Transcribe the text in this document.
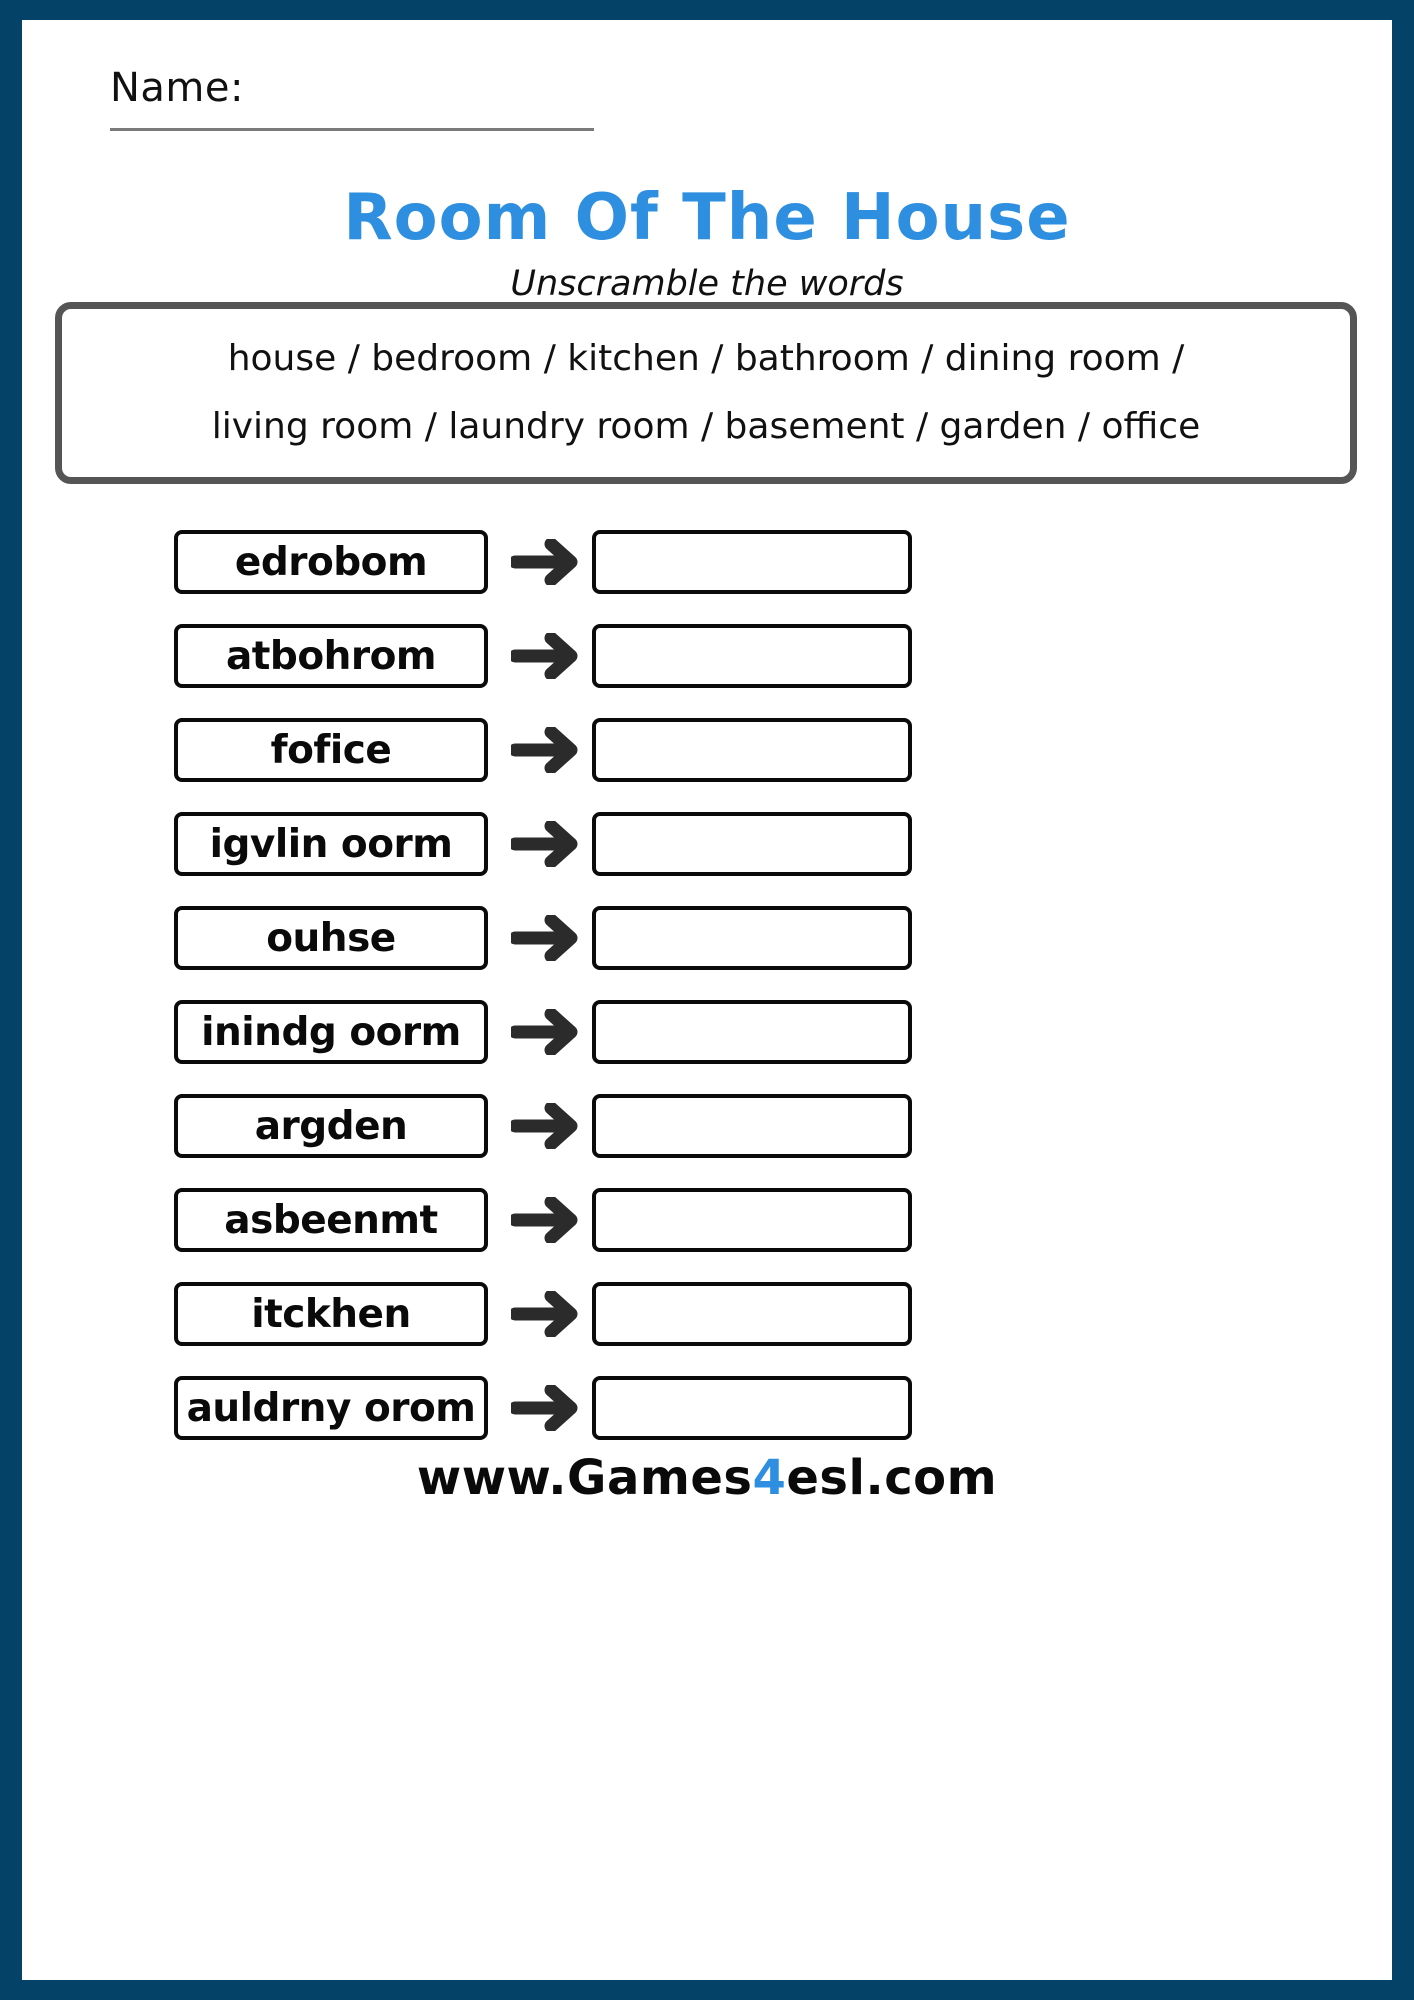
Name:
Room Of The House
Unscramble the words
house / bedroom / kitchen / bathroom / dining room /
living room / laundry room / basement / garden / office
edrobom
atbohrom
fofice
igvlin oorm
ouhse
inindg oorm
argden
asbeenmt
itckhen
auldrny orom
www.Games4esl.com
